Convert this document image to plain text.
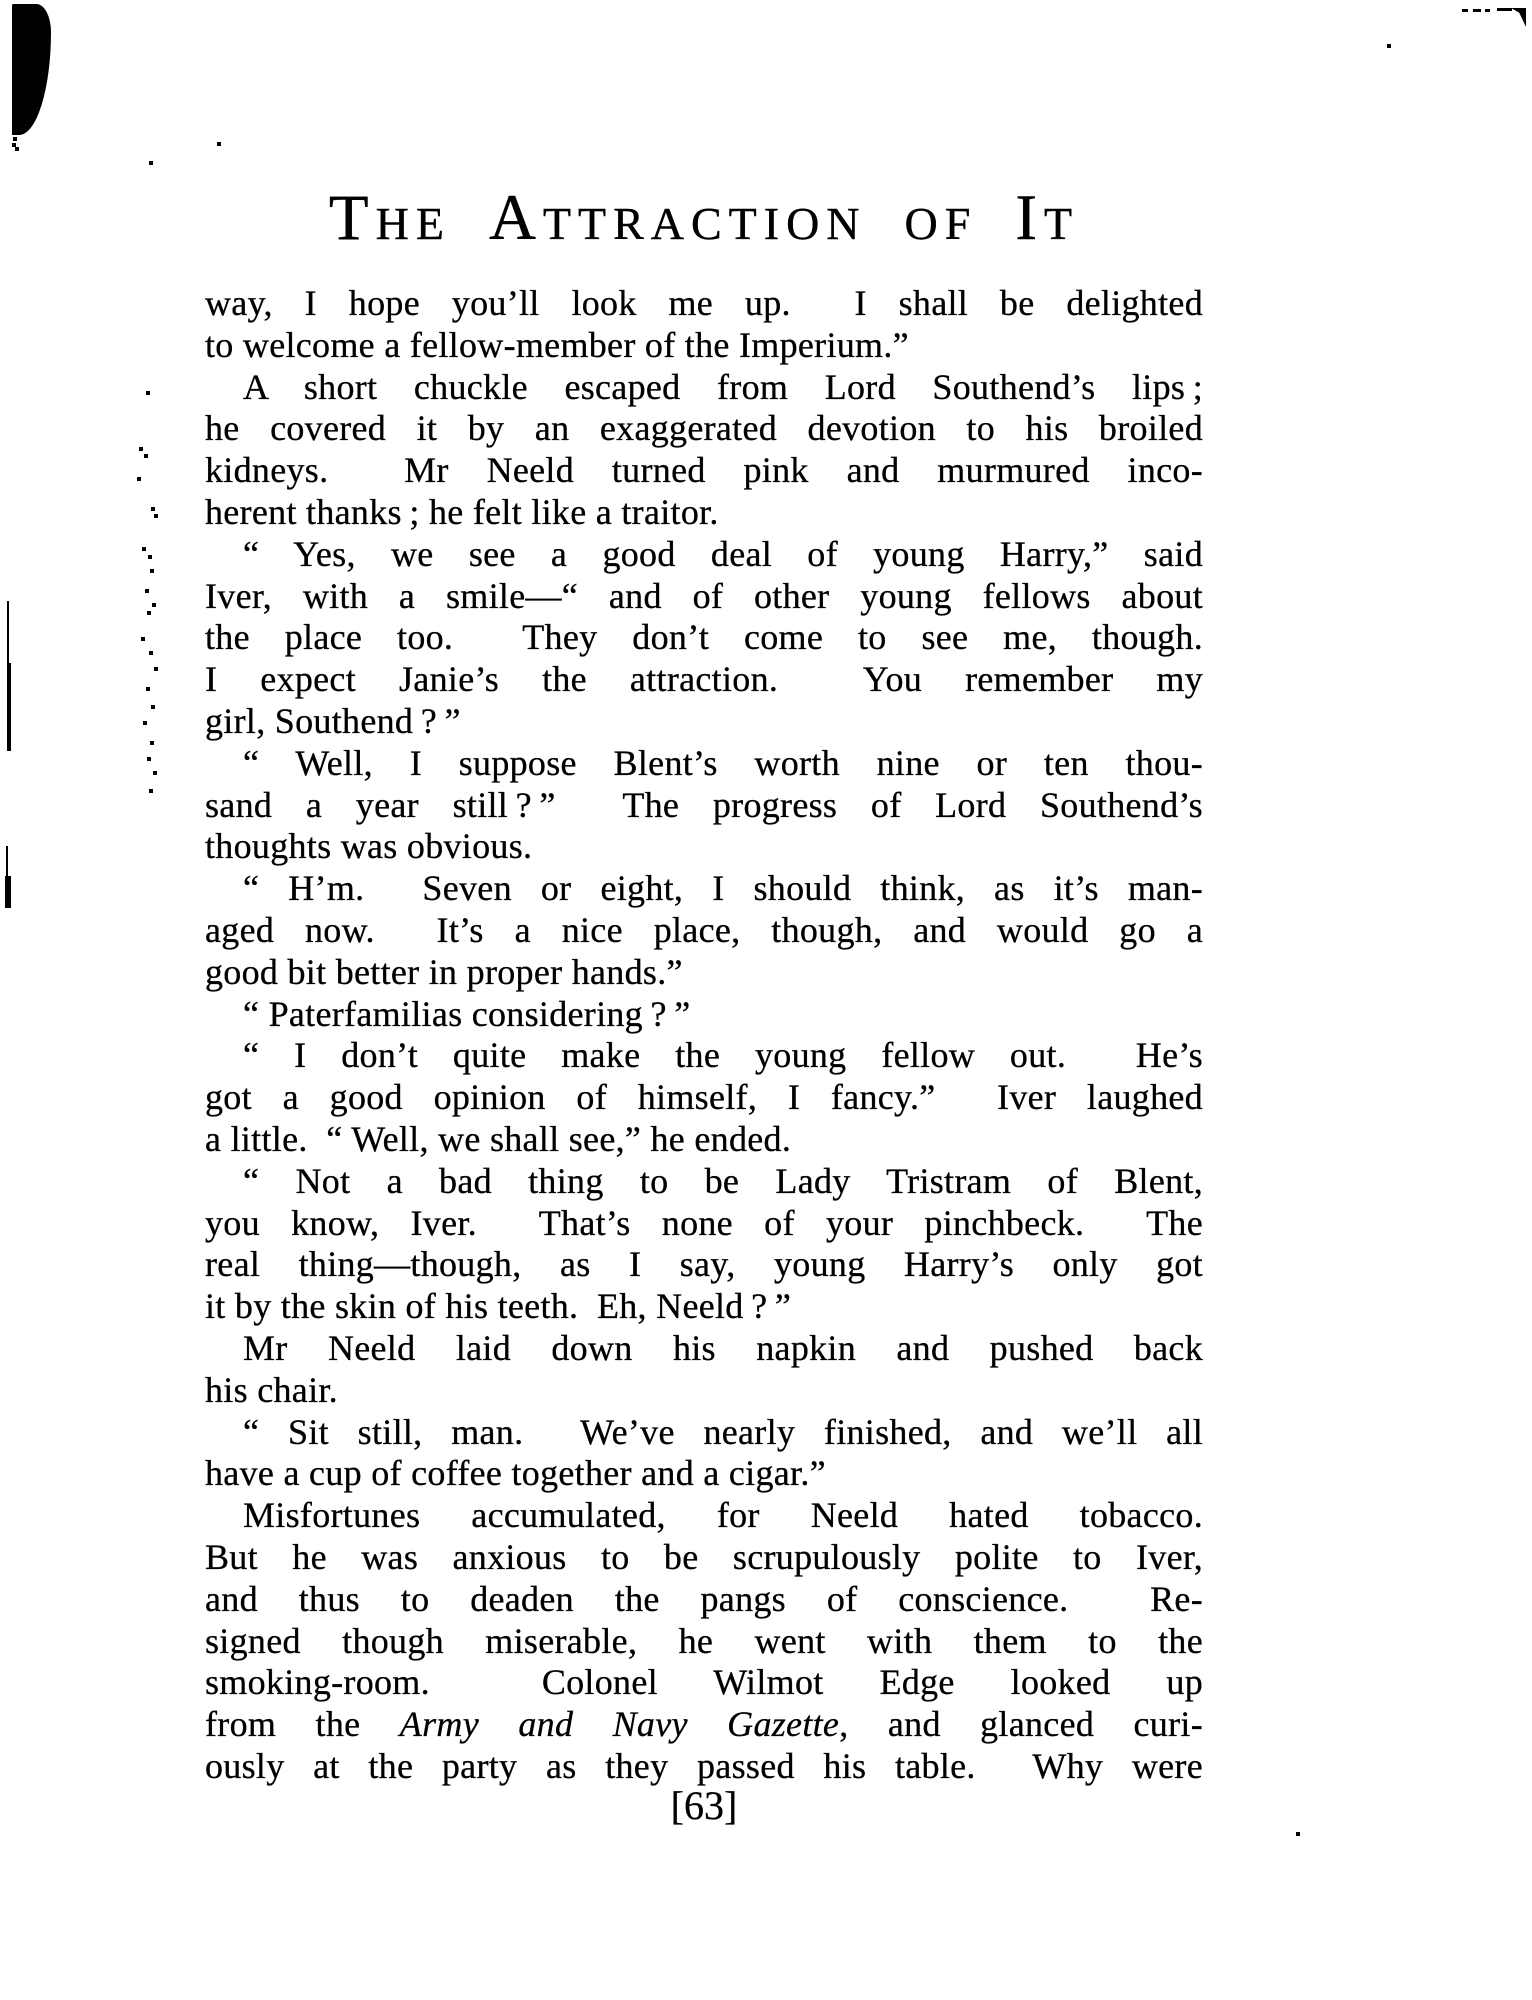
THE ATTRACTION OF IT
way, I hope you’ll look me up.  I shall be delighted
to welcome a fellow-member of the Imperium.”
A short chuckle escaped from Lord Southend’s lips ;
he covered it by an exaggerated devotion to his broiled
kidneys.  Mr Neeld turned pink and murmured inco-
herent thanks ; he felt like a traitor.
“ Yes, we see a good deal of young Harry,” said
Iver, with a smile—“ and of other young fellows about
the place too.  They don’t come to see me, though.
I expect Janie’s the attraction.  You remember my
girl, Southend ? ”
“ Well, I suppose Blent’s worth nine or ten thou-
sand a year still ? ”  The progress of Lord Southend’s
thoughts was obvious.
“ H’m.  Seven or eight, I should think, as it’s man-
aged now.  It’s a nice place, though, and would go a
good bit better in proper hands.”
“ Paterfamilias considering ? ”
“ I don’t quite make the young fellow out.  He’s
got a good opinion of himself, I fancy.”  Iver laughed
a little.  “ Well, we shall see,” he ended.
“ Not a bad thing to be Lady Tristram of Blent,
you know, Iver.  That’s none of your pinchbeck.  The
real thing—though, as I say, young Harry’s only got
it by the skin of his teeth.  Eh, Neeld ? ”
Mr Neeld laid down his napkin and pushed back
his chair.
“ Sit still, man.  We’ve nearly finished, and we’ll all
have a cup of coffee together and a cigar.”
Misfortunes accumulated, for Neeld hated tobacco.
But he was anxious to be scrupulously polite to Iver,
and thus to deaden the pangs of conscience.  Re-
signed though miserable, he went with them to the
smoking-room.  Colonel Wilmot Edge looked up
from the Army and Navy Gazette, and glanced curi-
ously at the party as they passed his table.  Why were
[63]
